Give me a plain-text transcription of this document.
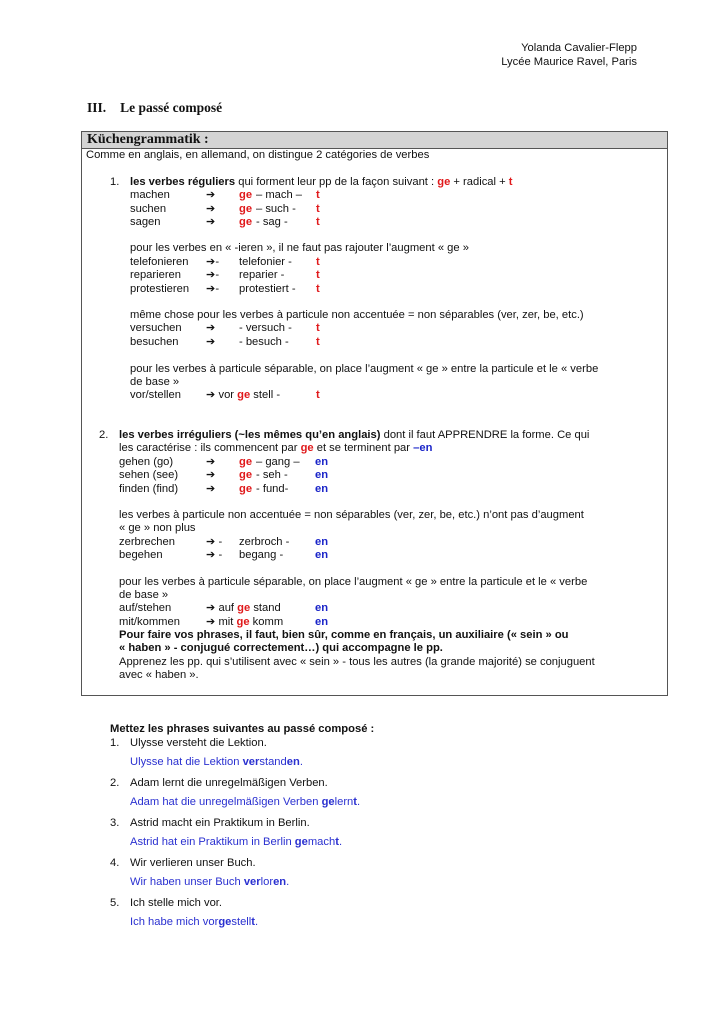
Yolanda Cavalier-Flepp
Lycée Maurice Ravel, Paris
III. Le passé composé
Küchengrammatik :
Comme en anglais, en allemand, on distingue 2 catégories de verbes
1. les verbes réguliers qui forment leur pp de la façon suivant : ge + radical + t
machen	➔ ge – mach – t
suchen	➔ ge – such - t
sagen	➔ ge - sag -	t
pour les verbes en « -ieren », il ne faut pas rajouter l’augment « ge »
telefonieren ➔- telefonier - t
reparieren ➔- reparier -	t
protestieren ➔- protestiert - t
même chose pour les verbes à particule non accentuée = non séparables (ver, zer, be, etc.)
versuchen ➔ - versuch - t
besuchen ➔ - besuch - t
pour les verbes à particule séparable, on place l’augment « ge » entre la particule et le « verbe
de base »
vor/stellen ➔ vor ge stell -	t
2. les verbes irréguliers (~les mêmes qu’en anglais) dont il faut APPRENDRE la forme. Ce qui
les caractérise : ils commencent par ge et se terminent par –en
gehen (go)	➔ ge – gang – en
sehen (see) ➔ ge - seh - en
finden (find) ➔ ge - fund- en
les verbes à particule non accentuée = non séparables (ver, zer, be, etc.) n’ont pas d’augment
« ge » non plus
zerbrechen	➔ - zerbroch - en
begehen	➔ - begang -	en
pour les verbes à particule séparable, on place l’augment « ge » entre la particule et le « verbe
de base »
auf/stehen	➔ auf ge stand	en
mit/kommen ➔ mit ge komm	en
Pour faire vos phrases, il faut, bien sûr, comme en français, un auxiliaire (« sein » ou
« haben » - conjugué correctement…) qui accompagne le pp.
Apprenez les pp. qui s’utilisent avec « sein » - tous les autres (la grande majorité) se conjuguent
avec « haben ».
Mettez les phrases suivantes au passé composé :
1. Ulysse versteht die Lektion.
Ulysse hat die Lektion verstanden.
2. Adam lernt die unregelmäßigen Verben.
Adam hat die unregelmäßigen Verben gelernt.
3. Astrid macht ein Praktikum in Berlin.
Astrid hat ein Praktikum in Berlin gemacht.
4. Wir verlieren unser Buch.
Wir haben unser Buch verloren.
5. Ich stelle mich vor.
Ich habe mich vorgestellt.
